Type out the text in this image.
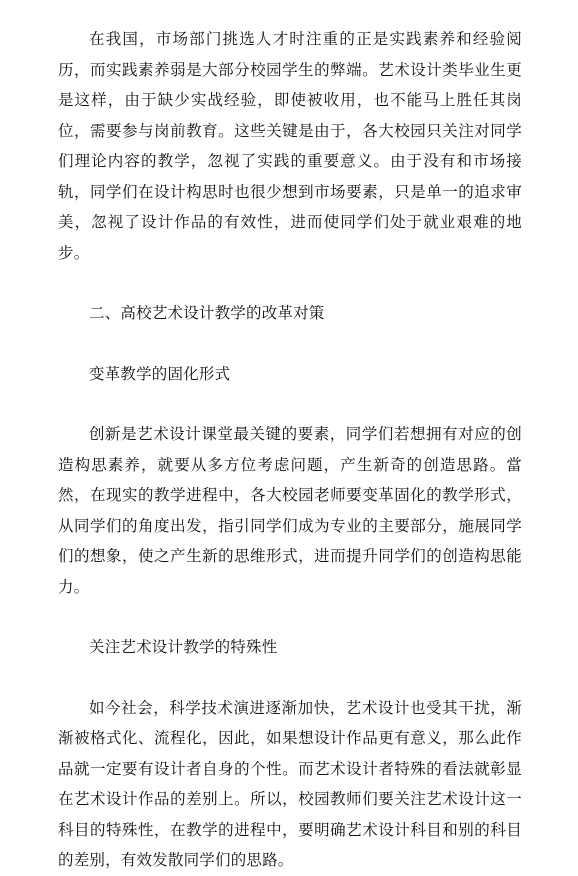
在我国，市场部门挑选人才时注重的正是实践素养和经验阅历，而实践素养弱是大部分校园学生的弊端。艺术设计类毕业生更是这样，由于缺少实战经验，即使被收用，也不能马上胜任其岗位，需要参与岗前教育。这些关键是由于，各大校园只关注对同学们理论内容的教学，忽视了实践的重要意义。由于没有和市场接轨，同学们在设计构思时也很少想到市场要素，只是单一的追求审美，忽视了设计作品的有效性，进而使同学们处于就业艰难的地步。

二、高校艺术设计教学的改革对策

变革教学的固化形式

创新是艺术设计课堂最关键的要素，同学们若想拥有对应的创造构思素养，就要从多方位考虑问题，产生新奇的创造思路。當然，在现实的教学进程中，各大校园老师要变革固化的教学形式，从同学们的角度出发，指引同学们成为专业的主要部分，施展同学们的想象，使之产生新的思维形式，进而提升同学们的创造构思能力。

关注艺术设计教学的特殊性

如今社会，科学技术演进逐渐加快，艺术设计也受其干扰，渐渐被格式化、流程化，因此，如果想设计作品更有意义，那么此作品就一定要有设计者自身的个性。而艺术设计者特殊的看法就彰显在艺术设计作品的差别上。所以，校园教师们要关注艺术设计这一科目的特殊性，在教学的进程中，要明确艺术设计科目和别的科目的差别，有效发散同学们的思路。
